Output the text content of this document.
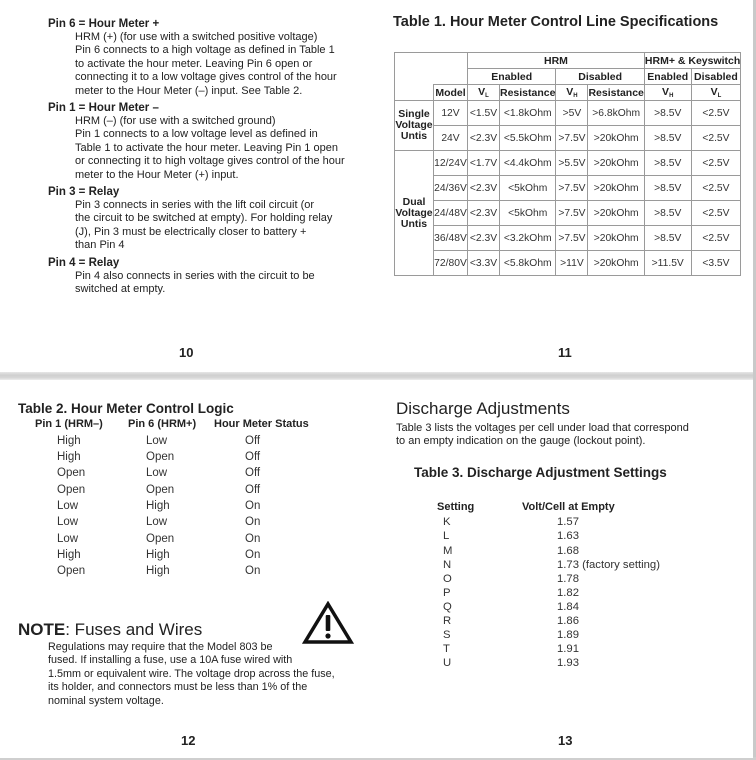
Pin 6 = Hour Meter +

HRM (+) (for use with a switched positive voltage)
Pin 6 connects to a high voltage as defined in Table 1
to activate the hour meter. Leaving Pin 6 open or
connecting it to a low voltage gives control of the hour
meter to the Hour Meter (–) input. See Table 2.

Pin 1 = Hour Meter –

HRM (–) (for use with a switched ground)
Pin 1 connects to a low voltage level as defined in
Table 1 to activate the hour meter. Leaving Pin 1 open
or connecting it to high voltage gives control of the hour
meter to the Hour Meter (+) input.

Pin 3 = Relay

Pin 3 connects in series with the lift coil circuit (or
the circuit to be switched at empty). For holding relay
(J), Pin 3 must be electrically closer to battery +
than Pin 4

Pin 4 = Relay

Pin 4 also connects in series with the circuit to be
switched at empty.
10	11
Table 1. Hour Meter Control Line Specifications
		HRM				HRM+ & Keyswitch	
		Enabled		Disabled		Enabled	Disabled
	Model	$V_L$	Resistance	$V_H$	Resistance	$V_H$	$V_L$

Single
Voltage
Untis	12V	<1.5V	<1.8kOhm	>5V	>6.8kOhm	>8.5V	<2.5V
	24V	<2.3V	<5.5kOhm	>7.5V	>20kOhm	>8.5V	<2.5V

Dual
Voltage
Untis	12/24V	<1.7V	<4.4kOhm	>5.5V	>20kOhm	>8.5V	<2.5V
	24/36V	<2.3V	<5kOhm	>7.5V	>20kOhm	>8.5V	<2.5V
	24/48V	<2.3V	<5kOhm	>7.5V	>20kOhm	>8.5V	<2.5V
	36/48V	<2.3V	<3.2kOhm	>7.5V	>20kOhm	>8.5V	<2.5V
	72/80V	<3.3V	<5.8kOhm	>11V	>20kOhm	>11.5V	<3.5V
Table 2. Hour Meter Control Logic
Pin 1 (HRM–) Pin 6 (HRM+) Hour Meter Status
High	Low	Off
High	Open	Off
Open	Low	Off
Open	Open	Off
Low	High	On
Low	Low	On
Low	Open	On
High	High	On
Open	High	On
NOTE: Fuses and Wires
Regulations may require that the Model 803 be
fused. If installing a fuse, use a 10A fuse wired with
1.5mm or equivalent wire. The voltage drop across the fuse,
its holder, and connectors must be less than 1% of the
nominal system voltage.
12	13
Discharge Adjustments
Table 3 lists the voltages per cell under load that correspond
to an empty indication on the gauge (lockout point).
Table 3. Discharge Adjustment Settings
Setting	Volt/Cell at Empty
K	1.57
L	1.63
M	1.68
N	1.73 (factory setting)
O	1.78
P	1.82
Q	1.84
R	1.86
S	1.89
T	1.91
U	1.93
